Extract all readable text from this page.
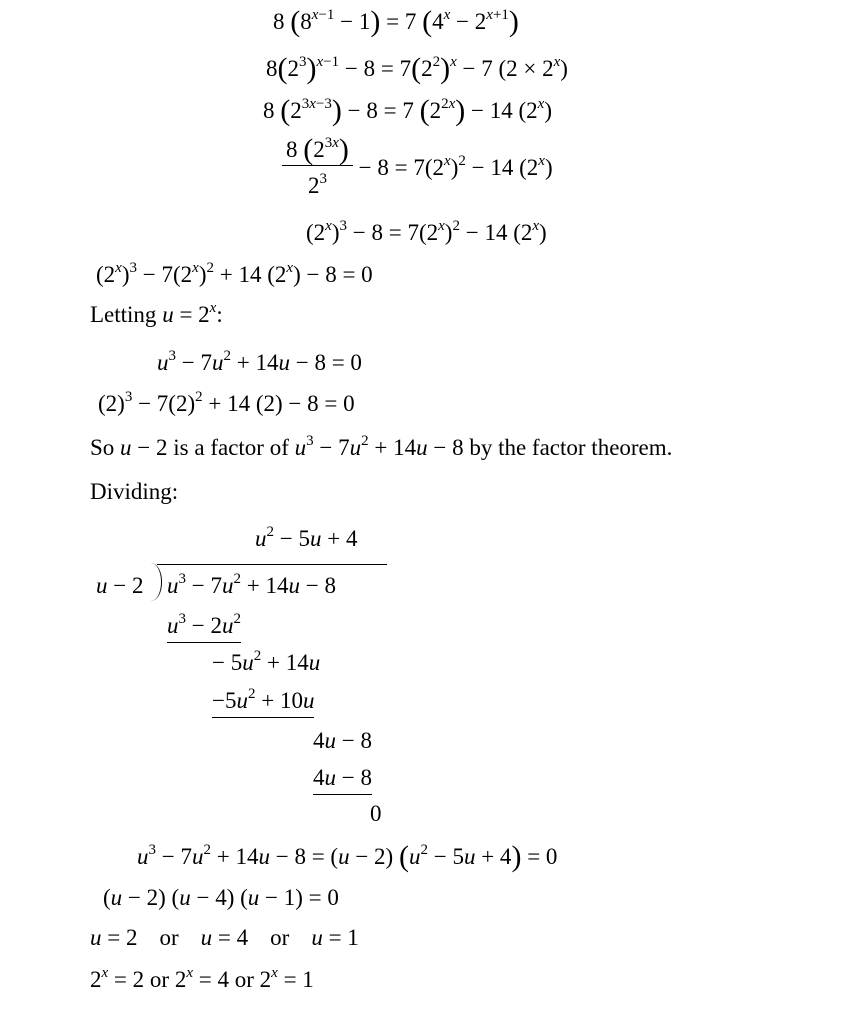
8 $(8^{x-1} - 1) = 7$ $(4^x - 2^{x+1})$
$8(2^3)^{x-1} - 8 = 7(2^2)^x - 7$ $(2 \times 2^x)$
8 $(2^{3x-3}) - 8 = 7$ $(2^{2x}) - 14$ (2$^x$)
$\frac{8 (2^{3x})}{2^3} - 8 = 7(2^x)^2 - 14$ (2$^x$)
$(2^x)^3 - 8 = 7(2^x)^2 - 14$ (2$^x$)
$(2^x)^3 - 7(2^x)^2 + 14$ $(2^x) - 8 = 0$
Letting $u = 2^x$:
$u^3 - 7u^2 + 14u - 8 = 0$
$(2)^3 - 7(2)^2 + 14$ (2) − 8 = 0
So u − 2 is a factor of $u^3 - 7u^2 + 14u - 8$ by the factor theorem.
Dividing:
$u^2 - 5u + 4$
u − 2 $u^3 - 7u^2 + 14u - 8$
$u^3 - 2u^2$
− $5u^2 + 14u$
$-5u^2 + 10u$
4u − 8
4u − 8
0
$u^3 - 7u^2 + 14u - 8 = (u - 2) (u^2 - 5u + 4) = 0$
(u − 2) (u − 4) (u − 1) = 0
u = 2 or u = 4 or u = 1
$2^x = 2$ or $2^x = 4$ or $2^x = 1$
